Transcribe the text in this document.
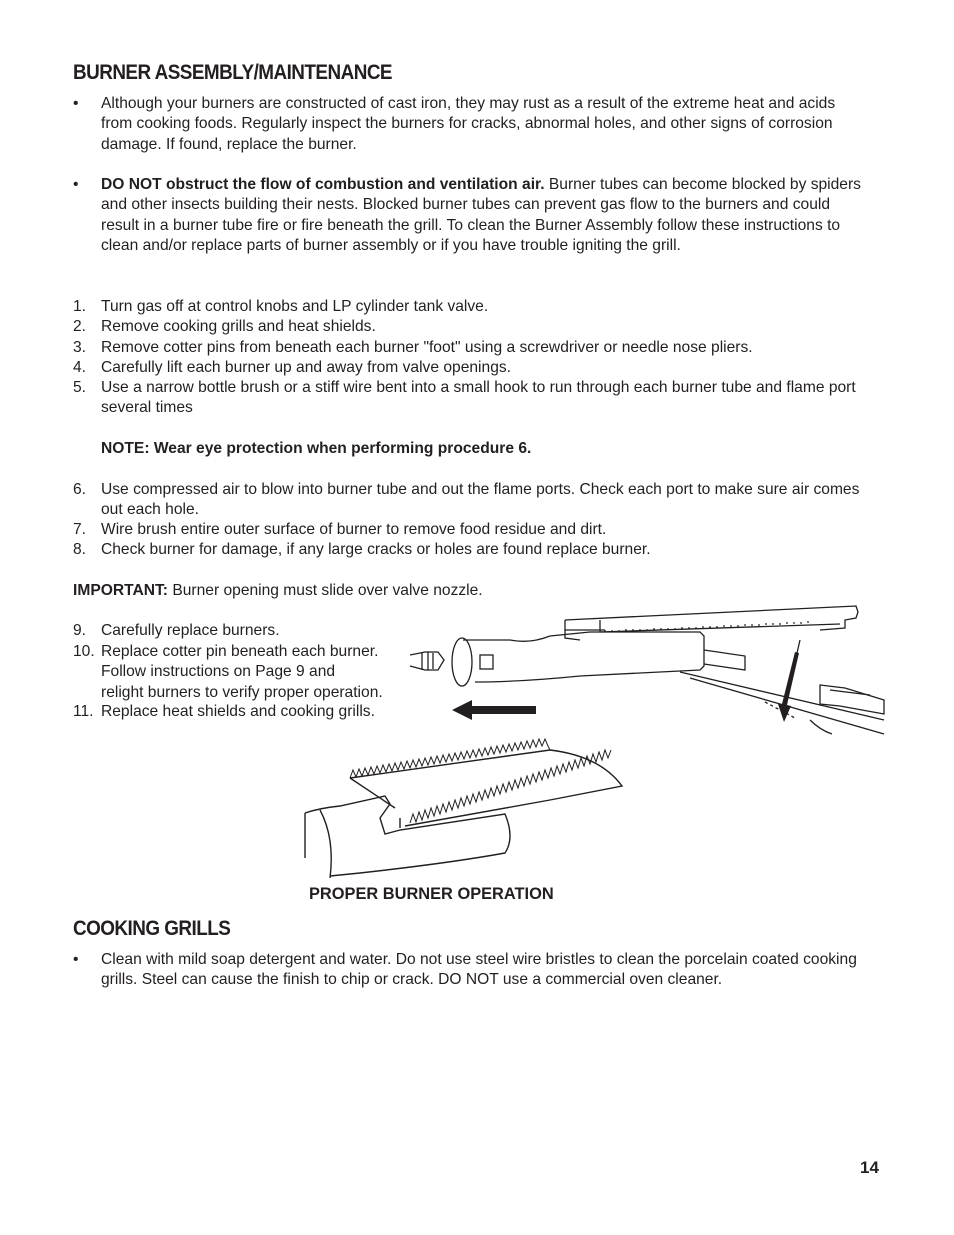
BURNER ASSEMBLY/MAINTENANCE
• Although your burners are constructed of cast iron, they may rust as a result of the extreme heat and acids from cooking foods. Regularly inspect the burners for cracks, abnormal holes, and other signs of corrosion damage. If found, replace the burner.
• DO NOT obstruct the flow of combustion and ventilation air. Burner tubes can become blocked by spiders and other insects building their nests. Blocked burner tubes can prevent gas flow to the burners and could result in a burner tube fire or fire beneath the grill. To clean the Burner Assembly follow these instructions to clean and/or replace parts of burner assembly or if you have trouble igniting the grill.
1. Turn gas off at control knobs and LP cylinder tank valve.
2. Remove cooking grills and heat shields.
3. Remove cotter pins from beneath each burner "foot" using a screwdriver or needle nose pliers.
4. Carefully lift each burner up and away from valve openings.
5. Use a narrow bottle brush or a stiff wire bent into a small hook to run through each burner tube and flame port several times

NOTE: Wear eye protection when performing procedure 6.

6. Use compressed air to blow into burner tube and out the flame ports. Check each port to make sure air comes out each hole.
7. Wire brush entire outer surface of burner to remove food residue and dirt.
8. Check burner for damage, if any large cracks or holes are found replace burner.

IMPORTANT: Burner opening must slide over valve nozzle.

9. Carefully replace burners.
10. Replace cotter pin beneath each burner.
Follow instructions on Page 9 and
relight burners to verify proper operation.
11. Replace heat shields and cooking grills.
PROPER BURNER OPERATION
COOKING GRILLS
• Clean with mild soap detergent and water. Do not use steel wire bristles to clean the porcelain coated cooking grills. Steel can cause the finish to chip or crack. DO NOT use a commercial oven cleaner.
14
